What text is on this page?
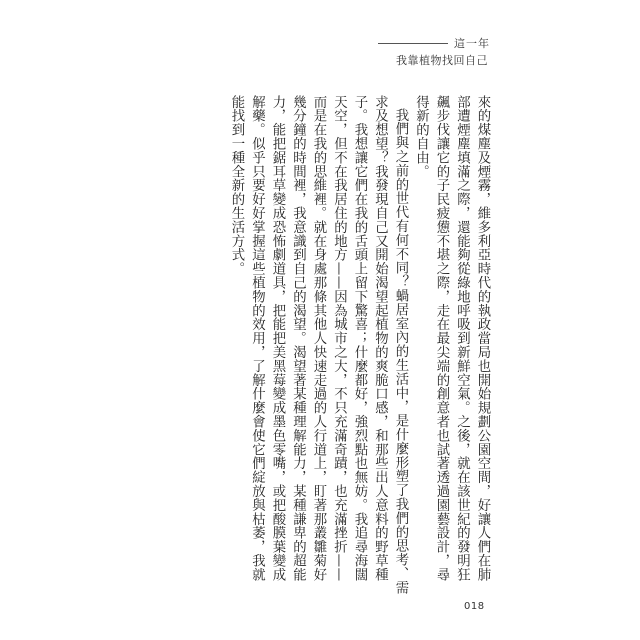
這一年
我靠植物找回自己

來的煤塵及煙霧，維多利亞時代的執政當局也開始規劃公園空間，好讓人們在肺部遭煙塵填滿之際，還能夠從綠地呼吸到新鮮空氣。之後，就在該世紀的發明狂飆步伐讓它的子民疲憊不堪之際，走在最尖端的創意者也試著透過園藝設計，尋得新的自由。

我們與之前的世代有何不同？蝸居室內的生活中，是什麼形塑了我們的思考、需求及想望？我發現自己又開始渴望起植物的爽脆口感，和那些出人意料的野草種子。我想讓它們在我的舌頭上留下驚喜；什麼都好，強烈點也無妨。我追尋海闊天空，但不在我居住的地方——因為城市之大，不只充滿奇蹟，也充滿挫折——而是在我的思維裡。就在身處那條其他人快速走過的人行道上，盯著那叢雛菊好幾分鐘的時間裡，我意識到自己的渴望。渴望著某種理解能力，某種謙卑的超能力，能把鋸耳草變成恐怖劇道具，把能把美黑莓變成墨色零嘴，或把酸膜葉變成解藥。似乎只要好好掌握這些植物的效用，了解什麼會使它們綻放與枯萎，我就能找到一種全新的生活方式。

018
